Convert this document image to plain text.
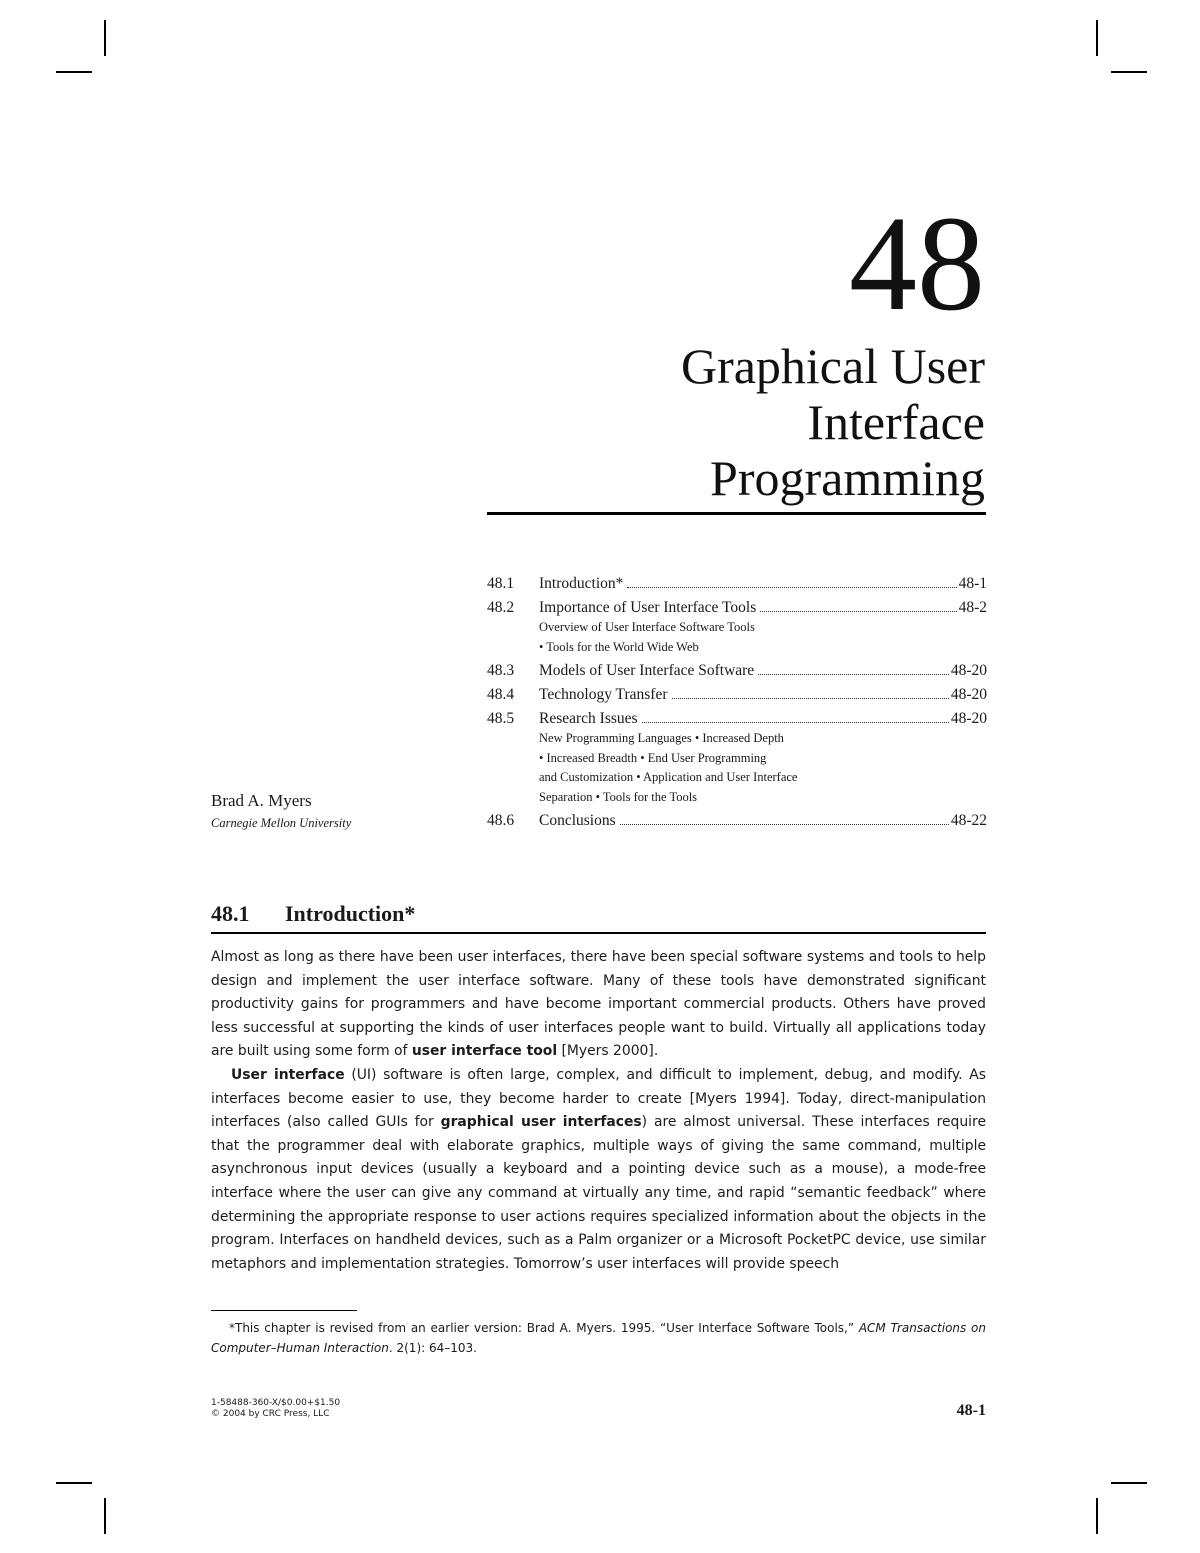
48
Graphical User
Interface
Programming
48.1	Introduction*	48-1
48.2	Importance of User Interface Tools	48-2
Overview of User Interface Software Tools
• Tools for the World Wide Web
48.3	Models of User Interface Software	48-20
48.4	Technology Transfer	48-20
48.5	Research Issues	48-20
New Programming Languages • Increased Depth
• Increased Breadth • End User Programming
and Customization • Application and User Interface
Separation • Tools for the Tools
48.6	Conclusions	48-22
Brad A. Myers
Carnegie Mellon University
48.1 Introduction*

Almost as long as there have been user interfaces, there have been special software systems and tools to help design and implement the user interface software. Many of these tools have demonstrated significant productivity gains for programmers and have become important commercial products. Others have proved less successful at supporting the kinds of user interfaces people want to build. Virtually all applications today are built using some form of user interface tool [Myers 2000].

User interface (UI) software is often large, complex, and difficult to implement, debug, and modify. As interfaces become easier to use, they become harder to create [Myers 1994]. Today, direct-manipulation interfaces (also called GUIs for graphical user interfaces) are almost universal. These interfaces require that the programmer deal with elaborate graphics, multiple ways of giving the same command, multiple asynchronous input devices (usually a keyboard and a pointing device such as a mouse), a mode-free interface where the user can give any command at virtually any time, and rapid “semantic feedback” where determining the appropriate response to user actions requires specialized information about the objects in the program. Interfaces on handheld devices, such as a Palm organizer or a Microsoft PocketPC device, use similar metaphors and implementation strategies. Tomorrow’s user interfaces will provide speech

*This chapter is revised from an earlier version: Brad A. Myers. 1995. “User Interface Software Tools,” ACM Transactions on Computer–Human Interaction. 2(1): 64–103.
1-58488-360-X/$0.00+$1.50
© 2004 by CRC Press, LLC	48-1
